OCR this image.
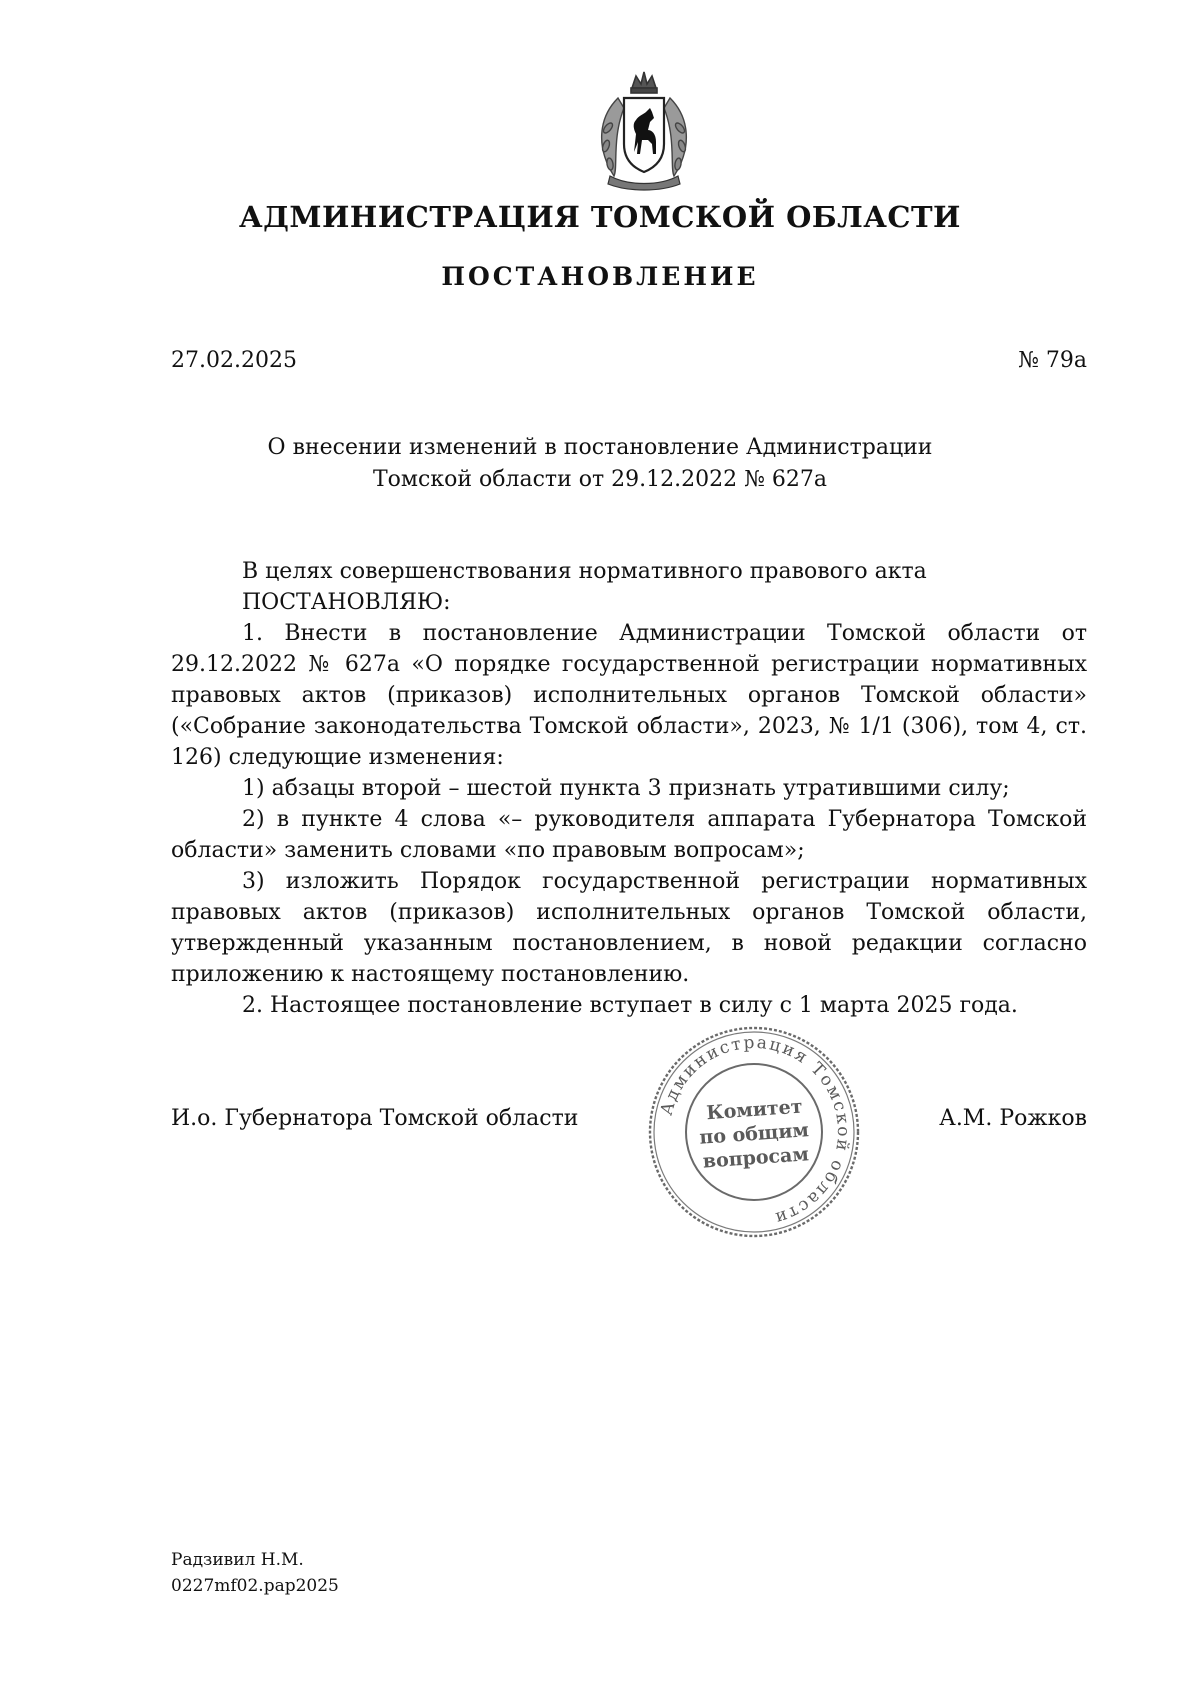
АДМИНИСТРАЦИЯ ТОМСКОЙ ОБЛАСТИ
ПОСТАНОВЛЕНИЕ
27.02.2025	№ 79а
О внесении изменений в постановление Администрации
Томской области от 29.12.2022 № 627а

В целях совершенствования нормативного правового акта

ПОСТАНОВЛЯЮ:

1. Внести в постановление Администрации Томской области от 29.12.2022 № 627а «О порядке государственной регистрации нормативных правовых актов (приказов) исполнительных органов Томской области» («Собрание законодательства Томской области», 2023, № 1/1 (306), том 4, ст. 126) следующие изменения:

1) абзацы второй – шестой пункта 3 признать утратившими силу;

2) в пункте 4 слова «– руководителя аппарата Губернатора Томской области» заменить словами «по правовым вопросам»;

3) изложить Порядок государственной регистрации нормативных правовых актов (приказов) исполнительных органов Томской области, утвержденный указанным постановлением, в новой редакции согласно приложению к настоящему постановлению.

2. Настоящее постановление вступает в силу с 1 марта 2025 года.

И.о. Губернатора Томской области	А.М. Рожков
Администрация Томской области
Комитет
по общим
вопросам
Радзивил Н.М.
0227mf02.pap2025
